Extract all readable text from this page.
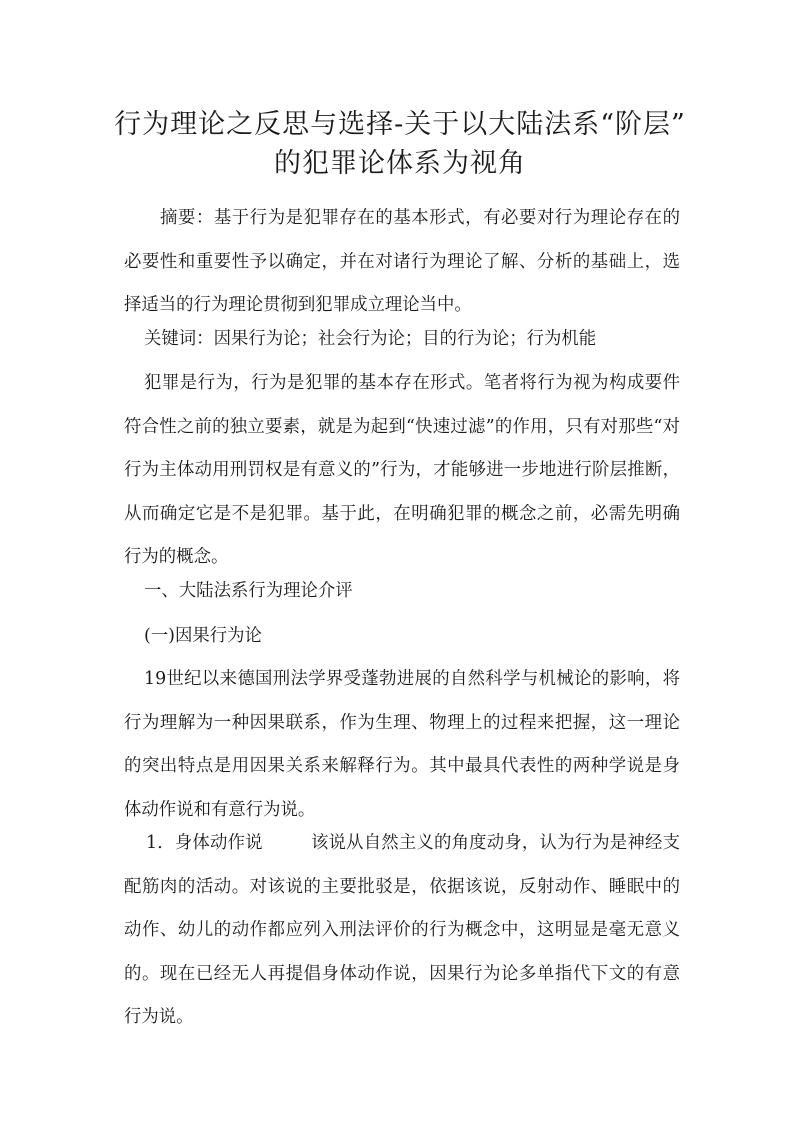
行为理论之反思与选择-关于以大陆法系“阶层”
的犯罪论体系为视角

摘要：基于行为是犯罪存在的基本形式，有必要对行为理论存在的必要性和重要性予以确定，并在对诸行为理论了解、分析的基础上，选择适当的行为理论贯彻到犯罪成立理论当中。

关键词：因果行为论；社会行为论；目的行为论；行为机能

犯罪是行为，行为是犯罪的基本存在形式。笔者将行为视为构成要件符合性之前的独立要素，就是为起到“快速过滤”的作用，只有对那些“对行为主体动用刑罚权是有意义的”行为，才能够进一步地进行阶层推断，从而确定它是不是犯罪。基于此，在明确犯罪的概念之前，必需先明确行为的概念。

一、大陆法系行为理论介评

(一)因果行为论

19世纪以来德国刑法学界受蓬勃进展的自然科学与机械论的影响，将行为理解为一种因果联系，作为生理、物理上的过程来把握，这一理论的突出特点是用因果关系来解释行为。其中最具代表性的两种学说是身体动作说和有意行为说。

1．身体动作说	该说从自然主义的角度动身，认为行为是神经支配筋肉的活动。对该说的主要批驳是，依据该说，反射动作、睡眠中的动作、幼儿的动作都应列入刑法评价的行为概念中，这明显是毫无意义的。现在已经无人再提倡身体动作说，因果行为论多单指代下文的有意行为说。
